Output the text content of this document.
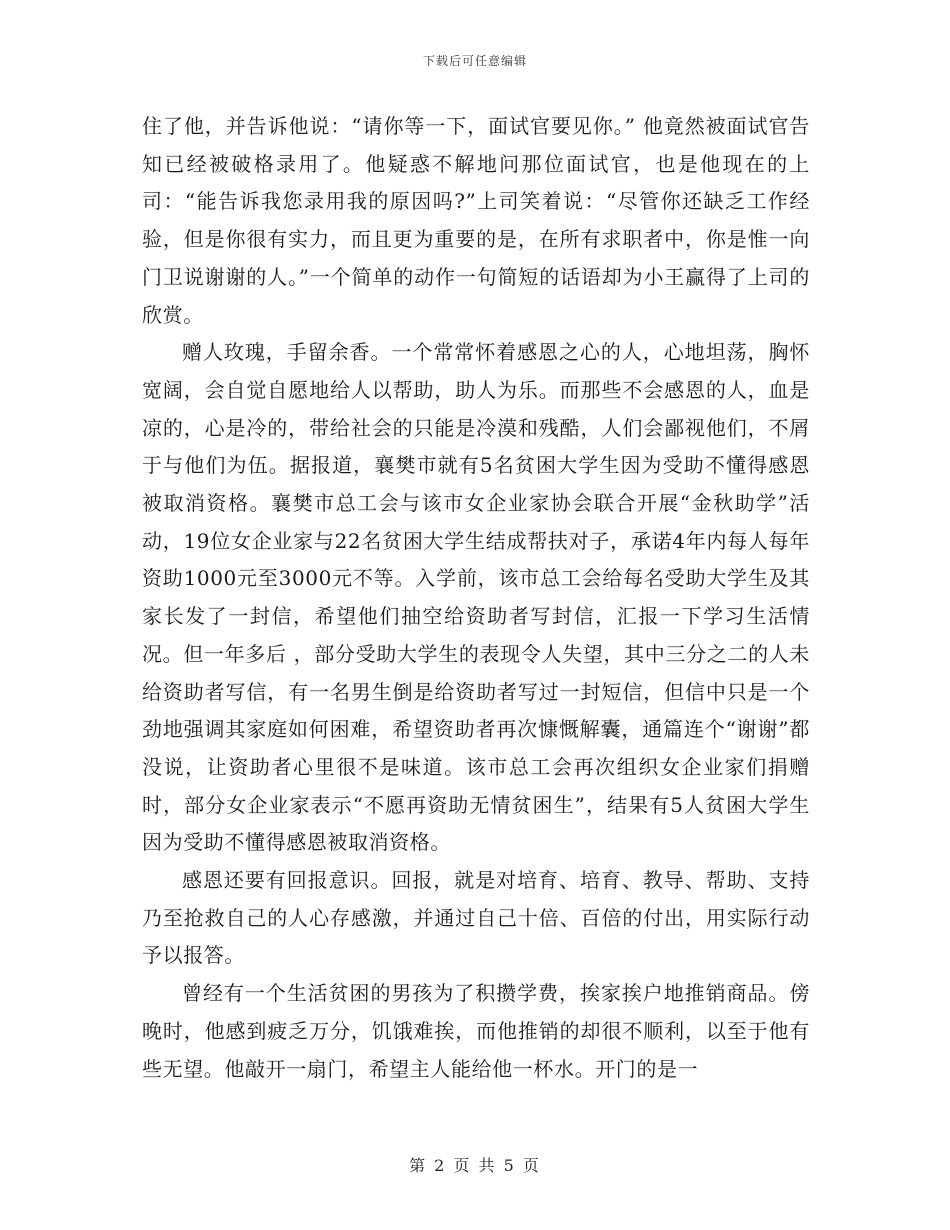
下载后可任意编辑

住了他，并告诉他说：“请你等一下，面试官要见你。” 他竟然被面试官告知已经被破格录用了。他疑惑不解地问那位面试官，也是他现在的上司：“能告诉我您录用我的原因吗?”上司笑着说：“尽管你还缺乏工作经验，但是你很有实力，而且更为重要的是，在所有求职者中，你是惟一向门卫说谢谢的人。”一个简单的动作一句简短的话语却为小王赢得了上司的欣赏。

赠人玫瑰，手留余香。一个常常怀着感恩之心的人，心地坦荡，胸怀宽阔，会自觉自愿地给人以帮助，助人为乐。而那些不会感恩的人，血是凉的，心是冷的，带给社会的只能是冷漠和残酷，人们会鄙视他们，不屑于与他们为伍。据报道，襄樊市就有5名贫困大学生因为受助不懂得感恩被取消资格。襄樊市总工会与该市女企业家协会联合开展“金秋助学”活动，19位女企业家与22名贫困大学生结成帮扶对子，承诺4年内每人每年资助1000元至3000元不等。入学前，该市总工会给每名受助大学生及其家长发了一封信，希望他们抽空给资助者写封信，汇报一下学习生活情况。但一年多后 ，部分受助大学生的表现令人失望，其中三分之二的人未给资助者写信，有一名男生倒是给资助者写过一封短信，但信中只是一个劲地强调其家庭如何困难，希望资助者再次慷慨解囊，通篇连个“谢谢”都没说，让资助者心里很不是味道。该市总工会再次组织女企业家们捐赠时，部分女企业家表示“不愿再资助无情贫困生”，结果有5人贫困大学生因为受助不懂得感恩被取消资格。

感恩还要有回报意识。回报，就是对培育、培育、教导、帮助、支持乃至抢救自己的人心存感激，并通过自己十倍、百倍的付出，用实际行动予以报答。

曾经有一个生活贫困的男孩为了积攒学费，挨家挨户地推销商品。傍晚时，他感到疲乏万分，饥饿难挨，而他推销的却很不顺利，以至于他有些无望。他敲开一扇门，希望主人能给他一杯水。开门的是一

第 2 页 共 5 页
